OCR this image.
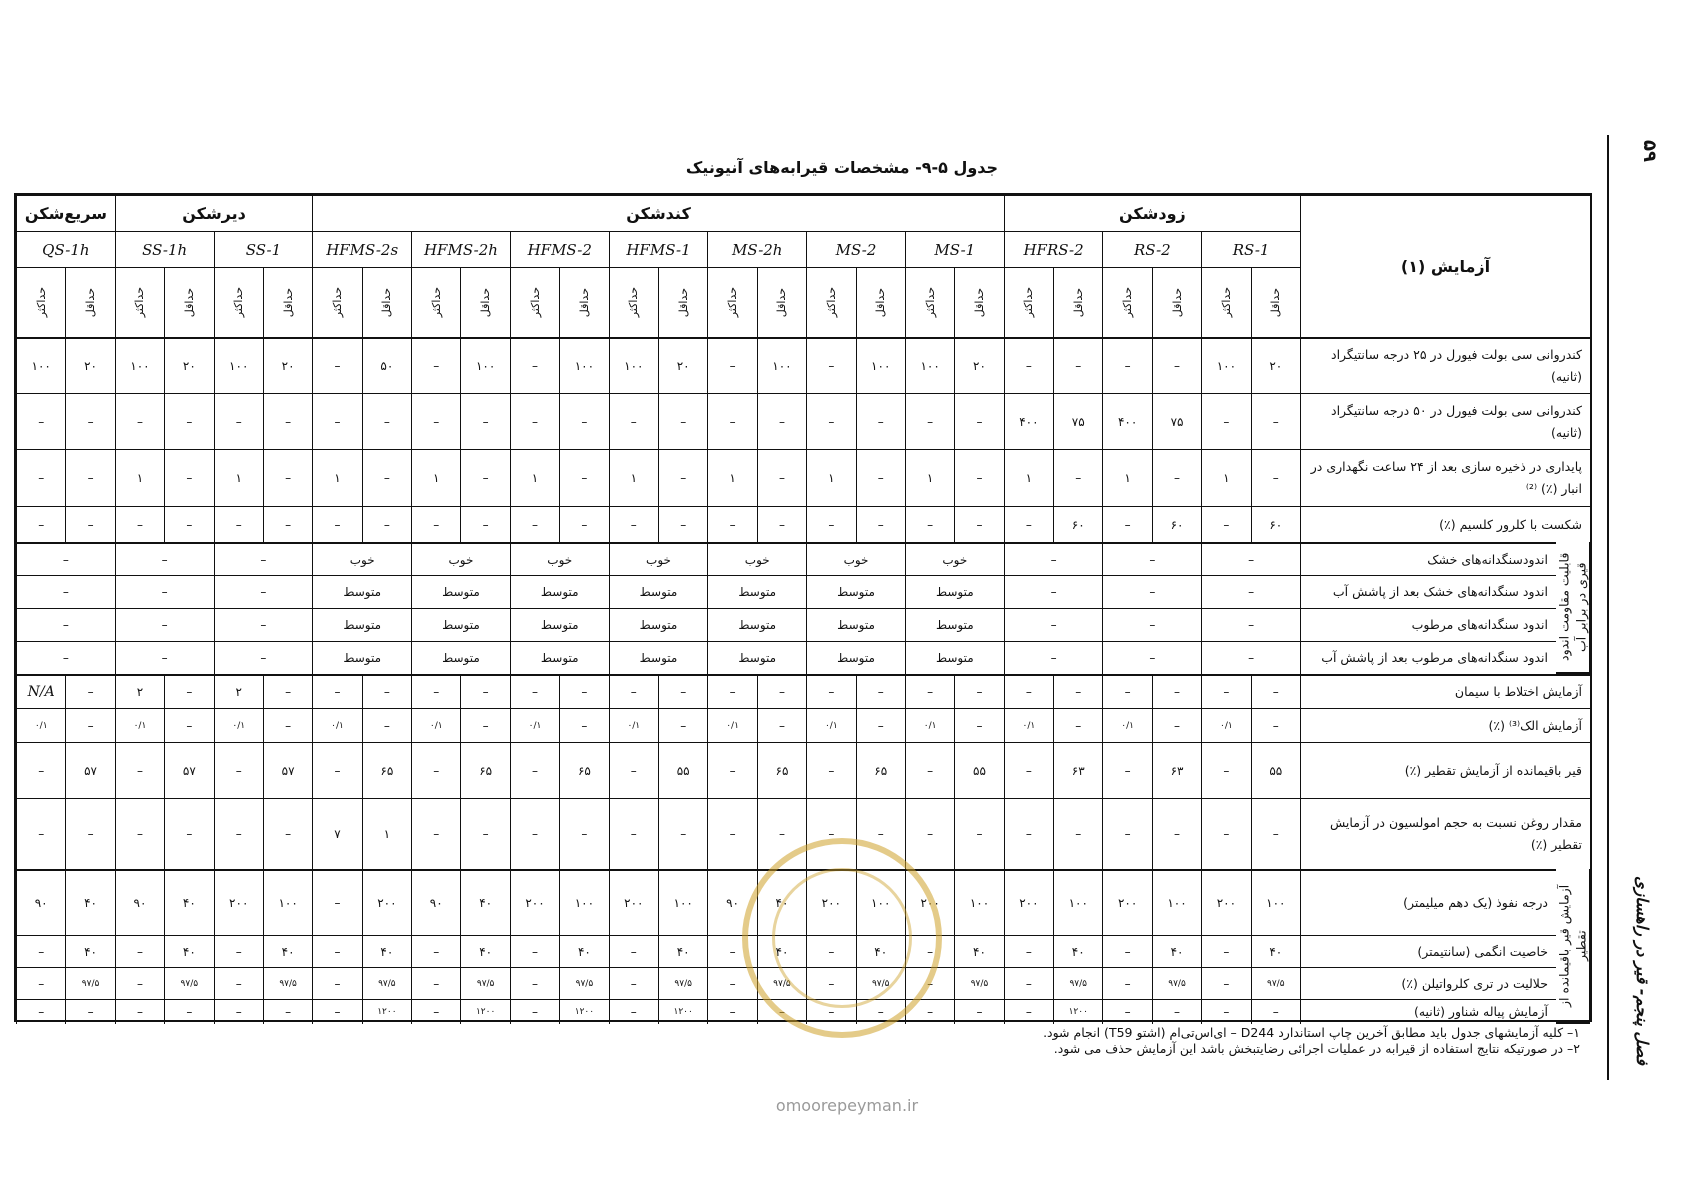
۵۹
فصل پنجم- قیر در راهسازی
جدول ۵-۹- مشخصات قیرابه‌های آنیونیک
آزمایش (۱)
زودشکن
RS-1
حداقل
حداکثر
RS-2
حداقل
حداکثر
HFRS-2
حداقل
حداکثر
کندشکن
MS-1
حداقل
حداکثر
MS-2
حداقل
حداکثر
MS-2h
حداقل
حداکثر
HFMS-1
حداقل
حداکثر
HFMS-2
حداقل
حداکثر
HFMS-2h
حداقل
حداکثر
HFMS-2s
حداقل
حداکثر
دیرشکن
SS-1
حداقل
حداکثر
SS-1h
حداقل
حداکثر
سریع‌شکن
QS-1h
حداقل
حداکثر
کندروانی سی بولت فیورل در ۲۵ درجه سانتیگراد (ثانیه)
۲۰
۱۰۰
–
–
–
–
۲۰
۱۰۰
۱۰۰
–
۱۰۰
–
۲۰
۱۰۰
۱۰۰
–
۱۰۰
–
۵۰
–
۲۰
۱۰۰
۲۰
۱۰۰
۲۰
۱۰۰
کندروانی سی بولت فیورل در ۵۰ درجه سانتیگراد (ثانیه)
–
–
۷۵
۴۰۰
۷۵
۴۰۰
–
–
–
–
–
–
–
–
–
–
–
–
–
–
–
–
–
–
–
–
پایداری در ذخیره سازی بعد از ۲۴ ساعت نگهداری در انبار (٪) ⁽²⁾
–
۱
–
۱
–
۱
–
۱
–
۱
–
۱
–
۱
–
۱
–
۱
–
۱
–
۱
–
۱
–
–
شکست با کلرور کلسیم (٪)
۶۰
–
۶۰
–
۶۰
–
–
–
–
–
–
–
–
–
–
–
–
–
–
–
–
–
–
–
–
–
قابلیت مقاومت اندود قیری در برابر آب
اندودسنگدانه‌های خشک
–
–
–
خوب
خوب
خوب
خوب
خوب
خوب
خوب
–
–
–
اندود سنگدانه‌های خشک بعد از پاشش آب
–
–
–
متوسط
متوسط
متوسط
متوسط
متوسط
متوسط
متوسط
–
–
–
اندود سنگدانه‌های مرطوب
–
–
–
متوسط
متوسط
متوسط
متوسط
متوسط
متوسط
متوسط
–
–
–
اندود سنگدانه‌های مرطوب بعد از پاشش آب
–
–
–
متوسط
متوسط
متوسط
متوسط
متوسط
متوسط
متوسط
–
–
–
آزمایش اختلاط با سیمان
–
–
–
–
–
–
–
–
–
–
–
–
–
–
–
–
–
–
–
–
–
۲
–
۲
–
N/A
آزمایش الک⁽³⁾ (٪)
–
۰/۱
–
۰/۱
–
۰/۱
–
۰/۱
–
۰/۱
–
۰/۱
–
۰/۱
–
۰/۱
–
۰/۱
–
۰/۱
–
۰/۱
–
۰/۱
–
۰/۱
قیر باقیمانده از آزمایش تقطیر (٪)
۵۵
–
۶۳
–
۶۳
–
۵۵
–
۶۵
–
۶۵
–
۵۵
–
۶۵
–
۶۵
–
۶۵
–
۵۷
–
۵۷
–
۵۷
–
مقدار روغن نسبت به حجم امولسیون در آزمایش تقطیر (٪)
–
–
–
–
–
–
–
–
–
–
–
–
–
–
–
–
–
–
۱
۷
–
–
–
–
–
–
آزمایش قیر باقیمانده از تقطیر
درجه نفوذ (یک دهم میلیمتر)
۱۰۰
۲۰۰
۱۰۰
۲۰۰
۱۰۰
۲۰۰
۱۰۰
۲۰۰
۱۰۰
۲۰۰
۴۰
۹۰
۱۰۰
۲۰۰
۱۰۰
۲۰۰
۴۰
۹۰
۲۰۰
–
۱۰۰
۲۰۰
۴۰
۹۰
۴۰
۹۰
خاصیت انگمی (سانتیمتر)
۴۰
–
۴۰
–
۴۰
–
۴۰
–
۴۰
–
۴۰
–
۴۰
–
۴۰
–
۴۰
–
۴۰
–
۴۰
–
۴۰
–
۴۰
–
حلالیت در تری کلرواتیلن (٪)
۹۷/۵
–
۹۷/۵
–
۹۷/۵
–
۹۷/۵
–
۹۷/۵
–
۹۷/۵
–
۹۷/۵
–
۹۷/۵
–
۹۷/۵
–
۹۷/۵
–
۹۷/۵
–
۹۷/۵
–
۹۷/۵
–
آزمایش پیاله شناور (ثانیه)
–
–
–
–
۱۲۰۰
–
–
–
–
–
–
–
۱۲۰۰
–
۱۲۰۰
–
۱۲۰۰
–
۱۲۰۰
–
–
–
–
–
–
–
۱– کلیه آزمایشهای جدول باید مطابق آخرین چاپ استاندارد D244 – ای‌اس‌تی‌ام (اشتو T59) انجام شود.
۲– در صورتیکه نتایج استفاده از قیرابه در عملیات اجرائی رضایتبخش باشد این آزمایش حذف می شود.
omoorepeyman.ir
